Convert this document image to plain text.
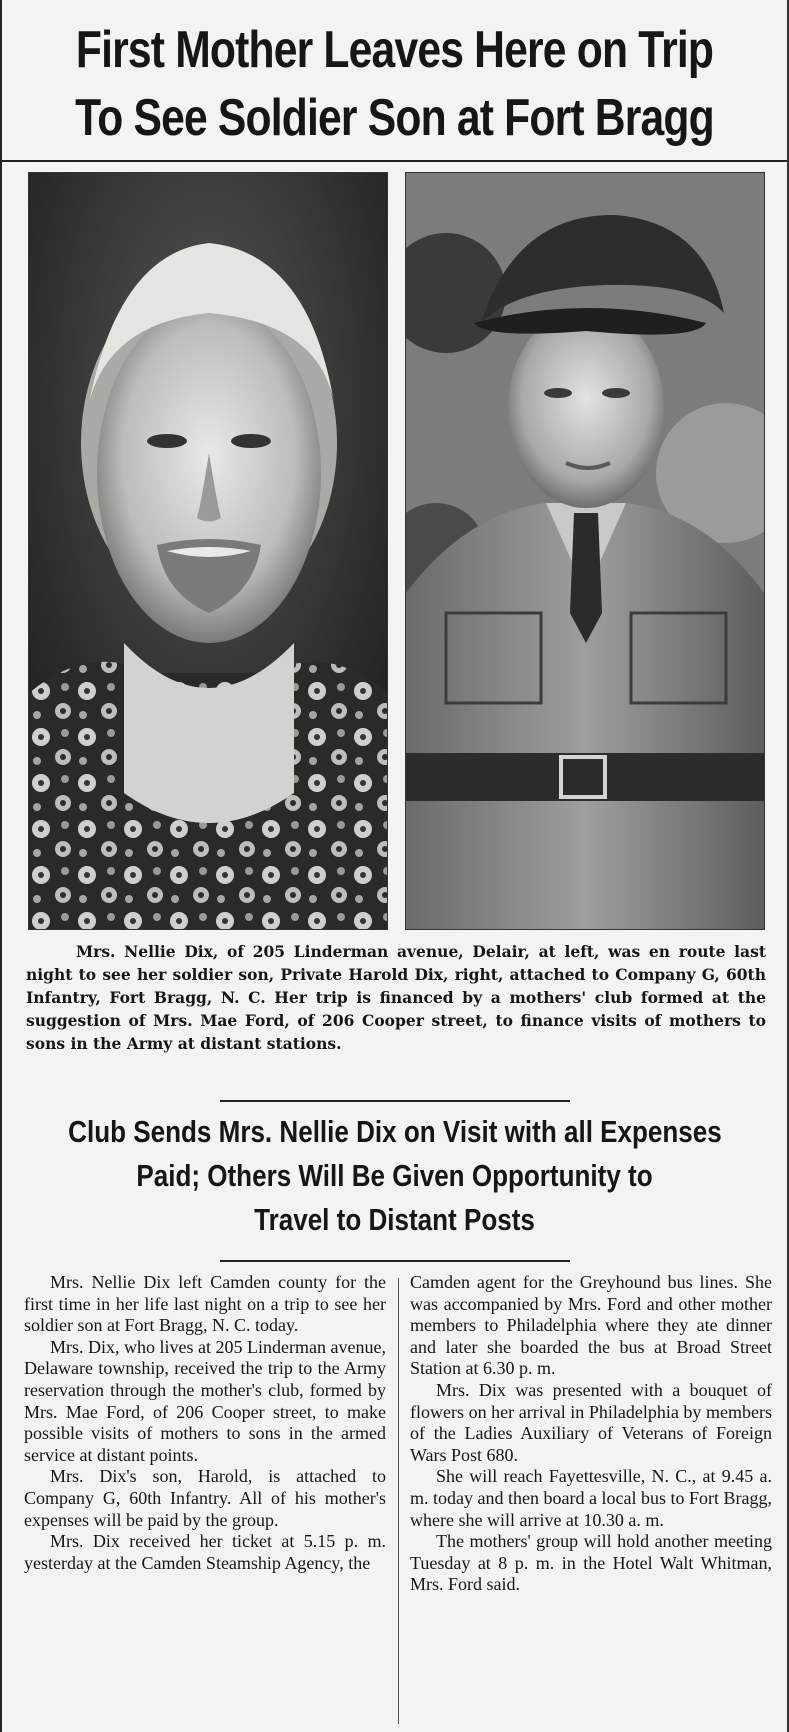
First Mother Leaves Here on Trip
To See Soldier Son at Fort Bragg
Mrs. Nellie Dix, of 205 Linderman avenue, Delair, at left, was en route last night to see her soldier son, Private Harold Dix, right, attached to Company G, 60th Infantry, Fort Bragg, N. C. Her trip is financed by a mothers' club formed at the suggestion of Mrs. Mae Ford, of 206 Cooper street, to finance visits of mothers to sons in the Army at distant stations.
Club Sends Mrs. Nellie Dix on Visit with all Expenses
Paid; Others Will Be Given Opportunity to
Travel to Distant Posts

Mrs. Nellie Dix left Camden county for the first time in her life last night on a trip to see her soldier son at Fort Bragg, N. C. today.

Mrs. Dix, who lives at 205 Linderman avenue, Delaware township, received the trip to the Army reservation through the mother's club, formed by Mrs. Mae Ford, of 206 Cooper street, to make possible visits of mothers to sons in the armed service at distant points.

Mrs. Dix's son, Harold, is attached to Company G, 60th Infantry. All of his mother's expenses will be paid by the group.

Mrs. Dix received her ticket at 5.15 p. m. yesterday at the Camden Steamship Agency, the

Camden agent for the Greyhound bus lines. She was accompanied by Mrs. Ford and other mother members to Philadelphia where they ate dinner and later she boarded the bus at Broad Street Station at 6.30 p. m.

Mrs. Dix was presented with a bouquet of flowers on her arrival in Philadelphia by members of the Ladies Auxiliary of Veterans of Foreign Wars Post 680.

She will reach Fayettesville, N. C., at 9.45 a. m. today and then board a local bus to Fort Bragg, where she will arrive at 10.30 a. m.

The mothers' group will hold another meeting Tuesday at 8 p. m. in the Hotel Walt Whitman, Mrs. Ford said.
